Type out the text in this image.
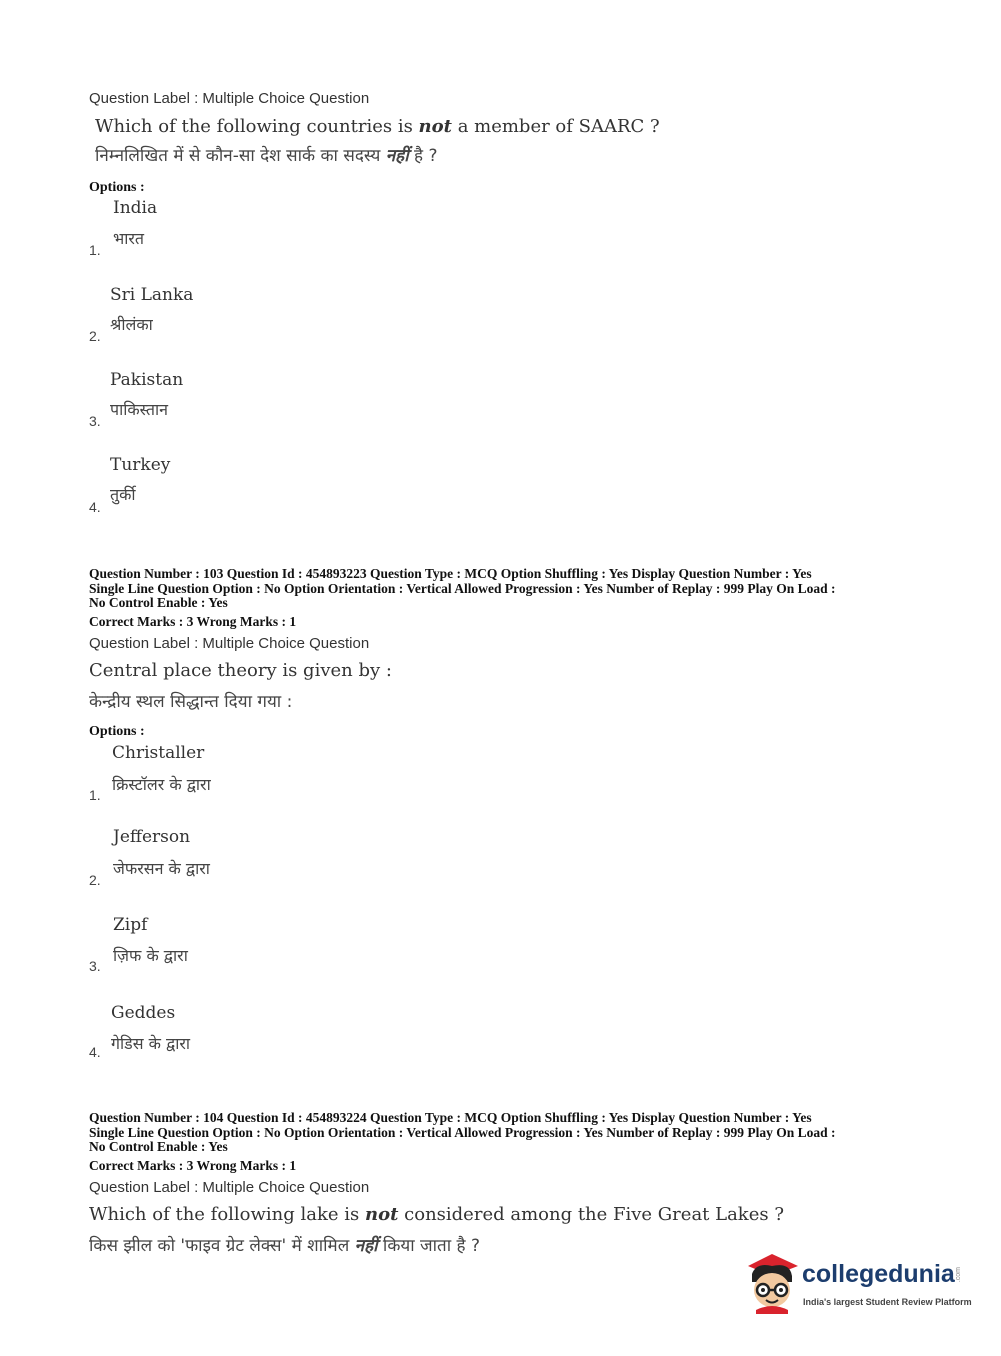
Question Label : Multiple Choice Question
Which of the following countries is not a member of SAARC ?
निम्नलिखित में से कौन-सा देश सार्क का सदस्य नहीं है ?
Options :
India
भारत
1.
Sri Lanka
श्रीलंका
2.
Pakistan
पाकिस्तान
3.
Turkey
तुर्की
4.
Question Number : 103 Question Id : 454893223 Question Type : MCQ Option Shuffling : Yes Display Question Number : Yes
Single Line Question Option : No Option Orientation : Vertical Allowed Progression : Yes Number of Replay : 999 Play On Load :
No Control Enable : Yes
Correct Marks : 3 Wrong Marks : 1
Question Label : Multiple Choice Question
Central place theory is given by :
केन्द्रीय स्थल सिद्धान्त दिया गया :
Options :
Christaller
क्रिस्टॉलर के द्वारा
1.
Jefferson
जेफरसन के द्वारा
2.
Zipf
ज़िफ के द्वारा
3.
Geddes
गेडिस के द्वारा
4.
Question Number : 104 Question Id : 454893224 Question Type : MCQ Option Shuffling : Yes Display Question Number : Yes
Single Line Question Option : No Option Orientation : Vertical Allowed Progression : Yes Number of Replay : 999 Play On Load :
No Control Enable : Yes
Correct Marks : 3 Wrong Marks : 1
Question Label : Multiple Choice Question
Which of the following lake is not considered among the Five Great Lakes ?
किस झील को 'फाइव ग्रेट लेक्स' में शामिल नहीं किया जाता है ?
collegedunia .com
India's largest Student Review Platform
